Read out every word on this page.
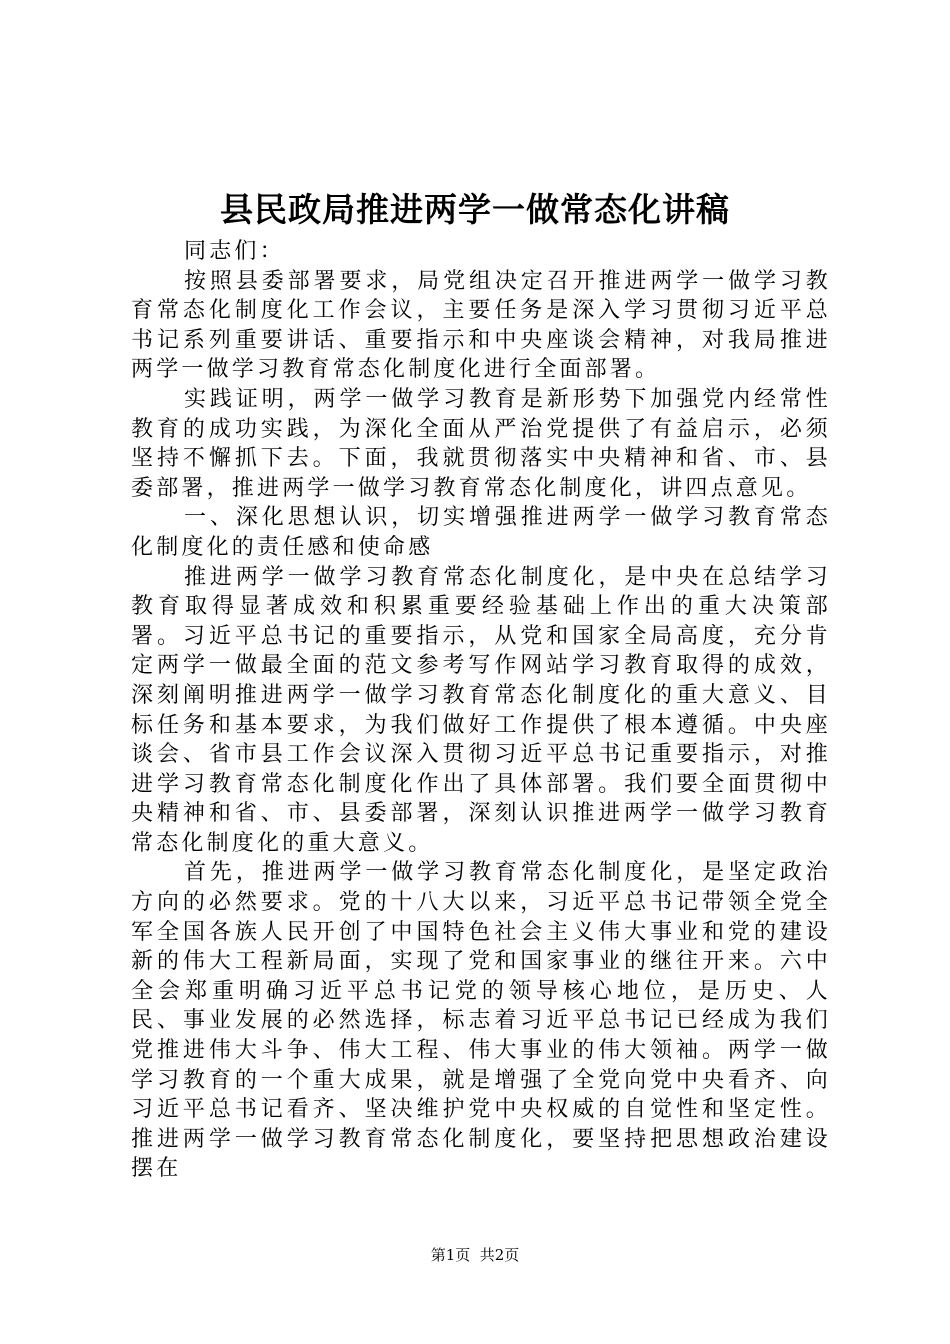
县民政局推进两学一做常态化讲稿

同志们：

按照县委部署要求，局党组决定召开推进两学一做学习教育常态化制度化工作会议，主要任务是深入学习贯彻习近平总书记系列重要讲话、重要指示和中央座谈会精神，对我局推进两学一做学习教育常态化制度化进行全面部署。

实践证明，两学一做学习教育是新形势下加强党内经常性教育的成功实践，为深化全面从严治党提供了有益启示，必须坚持不懈抓下去。下面，我就贯彻落实中央精神和省、市、县委部署，推进两学一做学习教育常态化制度化，讲四点意见。

一、深化思想认识，切实增强推进两学一做学习教育常态化制度化的责任感和使命感

推进两学一做学习教育常态化制度化，是中央在总结学习教育取得显著成效和积累重要经验基础上作出的重大决策部署。习近平总书记的重要指示，从党和国家全局高度，充分肯定两学一做最全面的范文参考写作网站学习教育取得的成效，深刻阐明推进两学一做学习教育常态化制度化的重大意义、目标任务和基本要求，为我们做好工作提供了根本遵循。中央座谈会、省市县工作会议深入贯彻习近平总书记重要指示，对推进学习教育常态化制度化作出了具体部署。我们要全面贯彻中央精神和省、市、县委部署，深刻认识推进两学一做学习教育常态化制度化的重大意义。

首先，推进两学一做学习教育常态化制度化，是坚定政治方向的必然要求。党的十八大以来，习近平总书记带领全党全军全国各族人民开创了中国特色社会主义伟大事业和党的建设新的伟大工程新局面，实现了党和国家事业的继往开来。六中全会郑重明确习近平总书记党的领导核心地位，是历史、人民、事业发展的必然选择，标志着习近平总书记已经成为我们党推进伟大斗争、伟大工程、伟大事业的伟大领袖。两学一做学习教育的一个重大成果，就是增强了全党向党中央看齐、向习近平总书记看齐、坚决维护党中央权威的自觉性和坚定性。推进两学一做学习教育常态化制度化，要坚持把思想政治建设摆在

第1页  共2页
